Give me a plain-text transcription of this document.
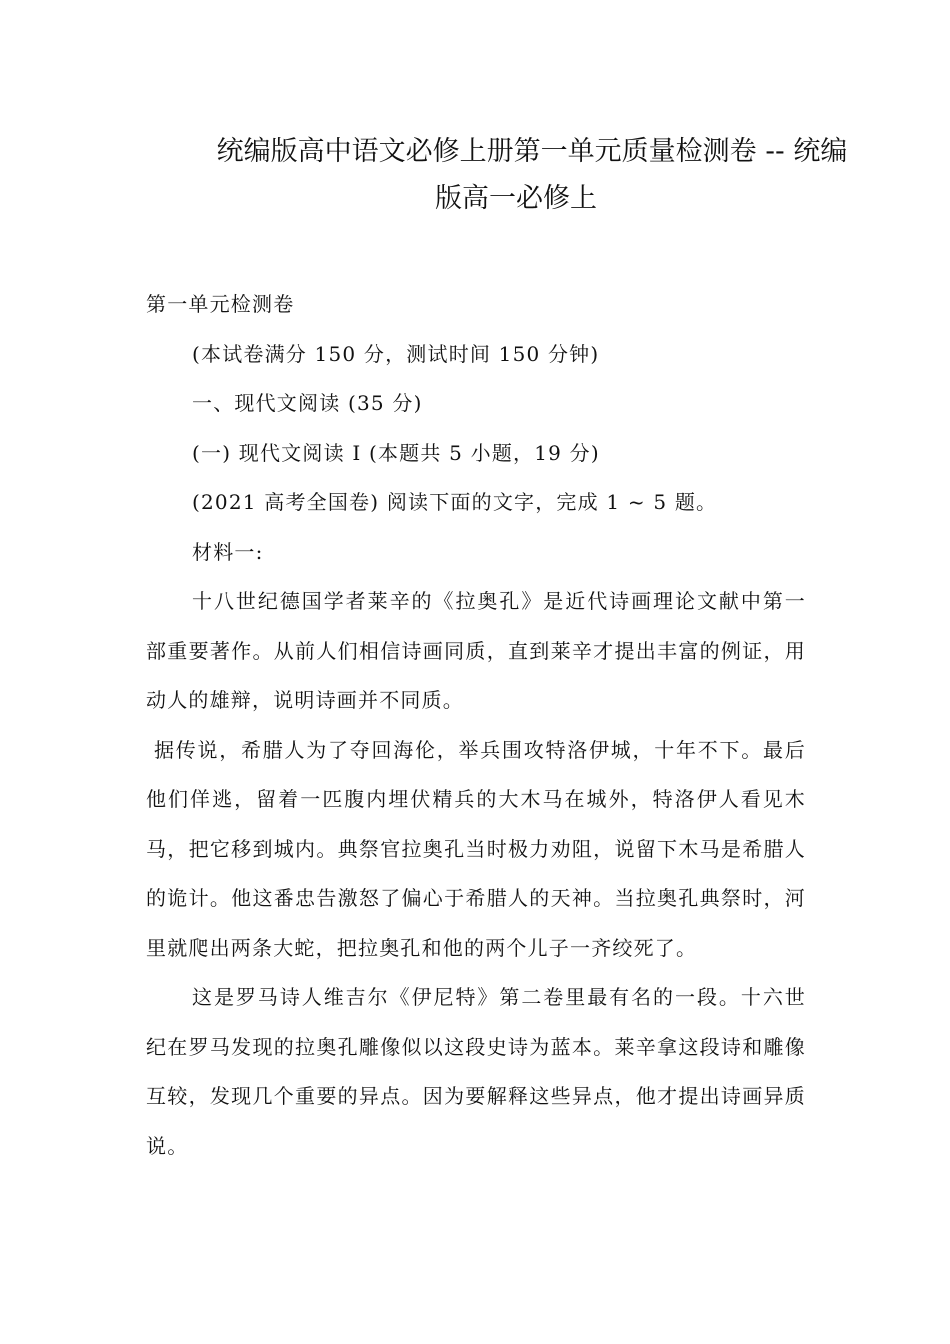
统编版高中语文必修上册第一单元质量检测卷 -- 统编
版高一必修上

第一单元检测卷

(本试卷满分 150 分，测试时间 150 分钟)

一、现代文阅读 (35 分)

(一) 现代文阅读 I (本题共 5 小题，19 分)

(2021 高考全国卷) 阅读下面的文字，完成 1 ~ 5 题。

材料一:

十八世纪德国学者莱辛的《拉奥孔》是近代诗画理论文献中第一部重要著作。从前人们相信诗画同质，直到莱辛才提出丰富的例证，用动人的雄辩，说明诗画并不同质。

据传说，希腊人为了夺回海伦，举兵围攻特洛伊城，十年不下。最后他们佯逃，留着一匹腹内埋伏精兵的大木马在城外，特洛伊人看见木马，把它移到城内。典祭官拉奥孔当时极力劝阻，说留下木马是希腊人的诡计。他这番忠告激怒了偏心于希腊人的天神。当拉奥孔典祭时，河里就爬出两条大蛇，把拉奥孔和他的两个儿子一齐绞死了。

这是罗马诗人维吉尔《伊尼特》第二卷里最有名的一段。十六世纪在罗马发现的拉奥孔雕像似以这段史诗为蓝本。莱辛拿这段诗和雕像互较，发现几个重要的异点。因为要解释这些异点，他才提出诗画异质说。
